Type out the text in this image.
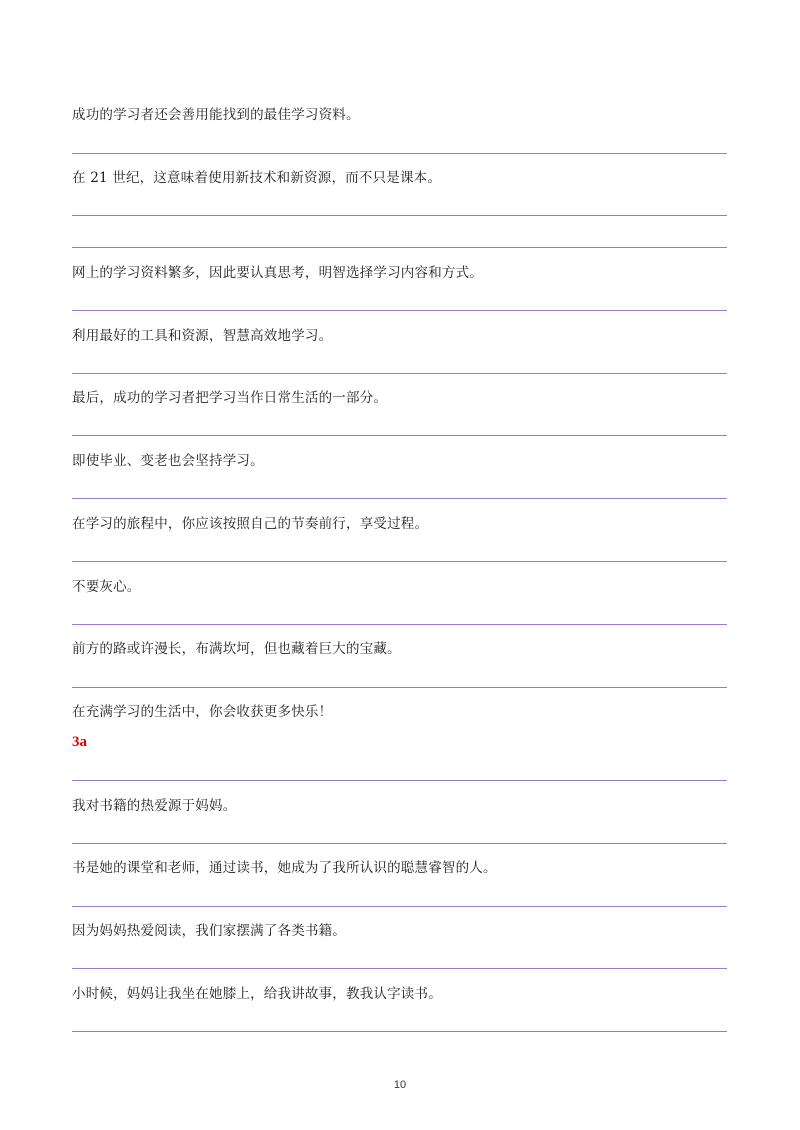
成功的学习者还会善用能找到的最佳学习资料。
在 21 世纪，这意味着使用新技术和新资源，而不只是课本。
网上的学习资料繁多，因此要认真思考，明智选择学习内容和方式。
利用最好的工具和资源，智慧高效地学习。
最后，成功的学习者把学习当作日常生活的一部分。
即使毕业、变老也会坚持学习。
在学习的旅程中，你应该按照自己的节奏前行，享受过程。
不要灰心。
前方的路或许漫长，布满坎坷，但也藏着巨大的宝藏。
在充满学习的生活中，你会收获更多快乐！
3a
我对书籍的热爱源于妈妈。
书是她的课堂和老师，通过读书，她成为了我所认识的聪慧睿智的人。
因为妈妈热爱阅读，我们家摆满了各类书籍。
小时候，妈妈让我坐在她膝上，给我讲故事，教我认字读书。
10
